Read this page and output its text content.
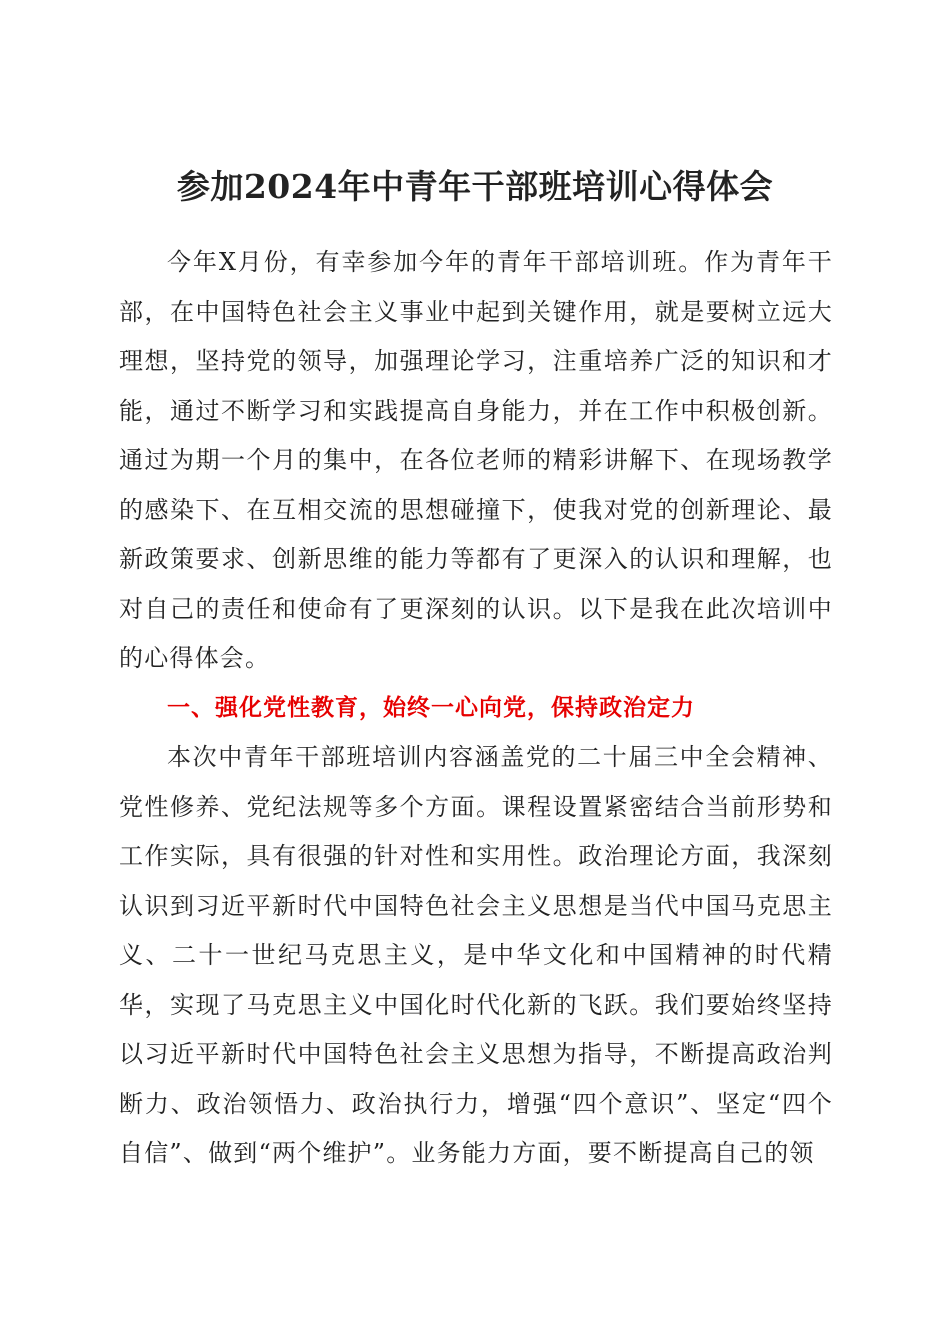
参加2024年中青年干部班培训心得体会

今年X月份，有幸参加今年的青年干部培训班。作为青年干部，在中国特色社会主义事业中起到关键作用，就是要树立远大理想，坚持党的领导，加强理论学习，注重培养广泛的知识和才能，通过不断学习和实践提高自身能力，并在工作中积极创新。通过为期一个月的集中，在各位老师的精彩讲解下、在现场教学的感染下、在互相交流的思想碰撞下，使我对党的创新理论、最新政策要求、创新思维的能力等都有了更深入的认识和理解，也对自己的责任和使命有了更深刻的认识。以下是我在此次培训中的心得体会。

一、强化党性教育，始终一心向党，保持政治定力

本次中青年干部班培训内容涵盖党的二十届三中全会精神、党性修养、党纪法规等多个方面。课程设置紧密结合当前形势和工作实际，具有很强的针对性和实用性。政治理论方面，我深刻认识到习近平新时代中国特色社会主义思想是当代中国马克思主义、二十一世纪马克思主义，是中华文化和中国精神的时代精华，实现了马克思主义中国化时代化新的飞跃。我们要始终坚持以习近平新时代中国特色社会主义思想为指导，不断提高政治判断力、政治领悟力、政治执行力，增强“四个意识”、坚定“四个自信”、做到“两个维护”。业务能力方面，要不断提高自己的领
